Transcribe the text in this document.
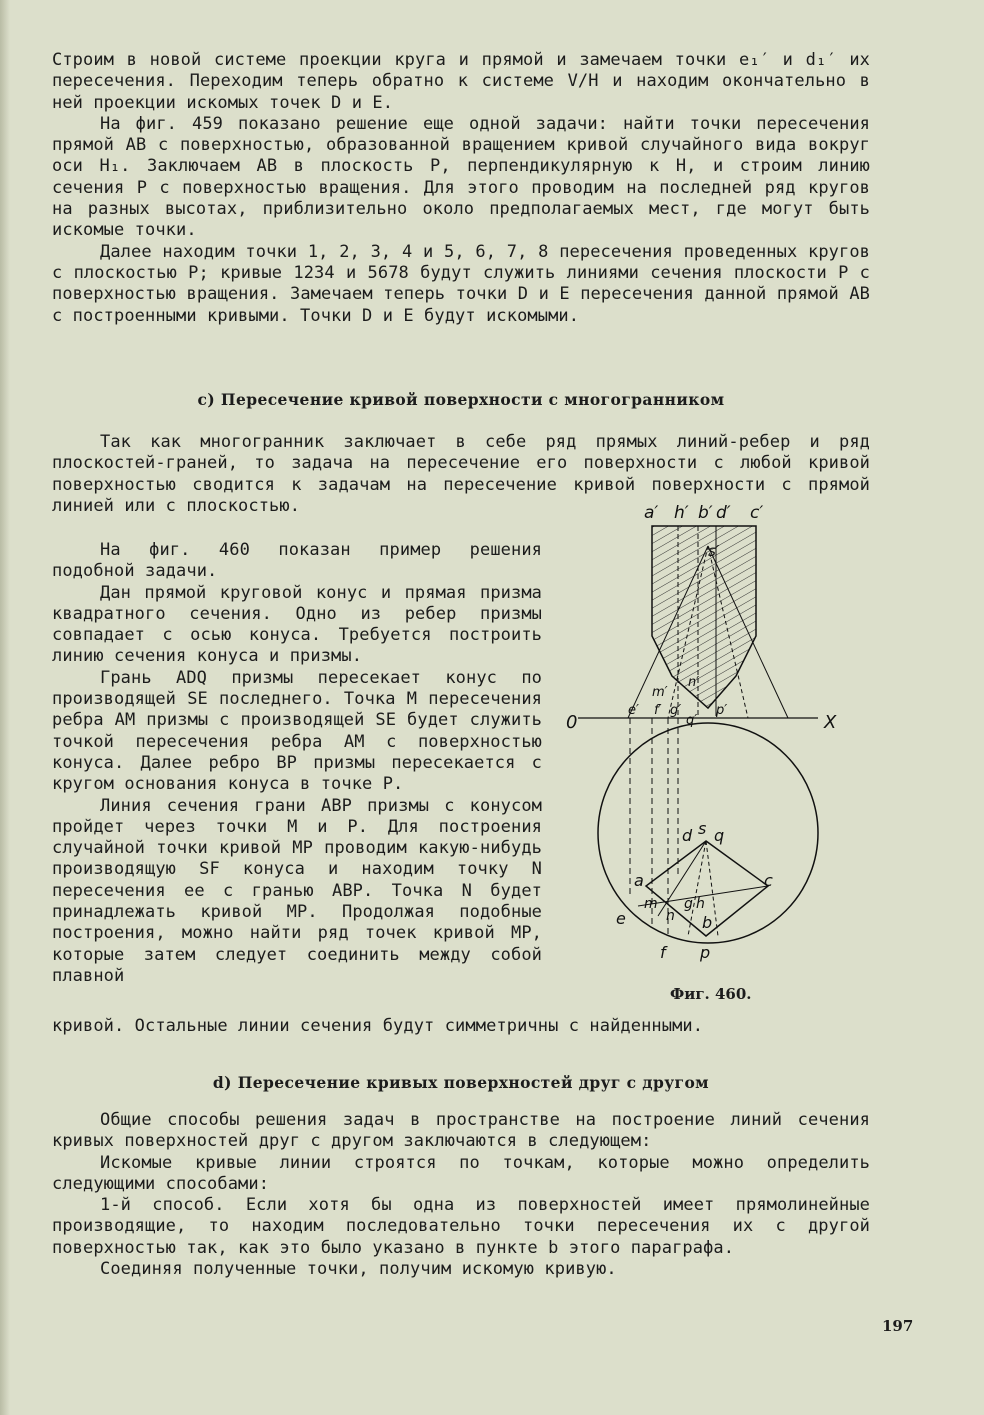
Строим в новой системе проекции круга и прямой и замечаем точки e₁′ и d₁′ их пересечения. Переходим теперь обратно к системе V/H и находим окончательно в ней проекции искомых точек D и E.

На фиг. 459 показано решение еще одной задачи: найти точки пересечения прямой AB с поверхностью, образованной вращением кривой случайного вида вокруг оси H₁. Заключаем AB в плоскость P, перпендикулярную к H, и строим линию сечения P с поверхностью вращения. Для этого проводим на последней ряд кругов на разных высотах, приблизительно около предполагаемых мест, где могут быть искомые точки.

Далее находим точки 1, 2, 3, 4 и 5, 6, 7, 8 пересечения проведенных кругов с плоскостью P; кривые 1234 и 5678 будут служить линиями сечения плоскости P с поверхностью вращения. Замечаем теперь точки D и E пересечения данной прямой AB с построенными кривыми. Точки D и E будут искомыми.

c) Пересечение кривой поверхности с многогранником

Так как многогранник заключает в себе ряд прямых линий-ребер и ряд плоскостей-граней, то задача на пересечение его поверхности с любой кривой поверхностью сводится к задачам на пересечение кривой поверхности с прямой линией или с плоскостью.

На фиг. 460 показан пример решения подобной задачи.

Дан прямой круговой конус и прямая призма квадратного сечения. Одно из ребер призмы совпадает с осью конуса. Требуется построить линию сечения конуса и призмы.

Грань ADQ призмы пересекает конус по производящей SE последнего. Точка M пересечения ребра AM призмы с производящей SE будет служить точкой пересечения ребра AM с поверхностью конуса. Далее ребро BP призмы пересекается с кругом основания конуса в точке P.

Линия сечения грани ABP призмы с конусом пройдет через точки M и P. Для построения случайной точки кривой MP проводим какую-нибудь производящую SF конуса и находим точку N пересечения ее с гранью ABP. Точка N будет принадлежать кривой MP. Продолжая подобные построения, можно найти ряд точек кривой MP, которые затем следует соединить между собой плавной

кривой. Остальные линии сечения будут симметричны с найденными.

d) Пересечение кривых поверхностей друг с другом

Общие способы решения задач в пространстве на построение линий сечения кривых поверхностей друг с другом заключаются в следующем:

Искомые кривые линии строятся по точкам, которые можно определить следующими способами:

1-й способ. Если хотя бы одна из поверхностей имеет прямолинейные производящие, то находим последовательно точки пересечения их с другой поверхностью так, как это было указано в пункте b этого параграфа.

Соединяя полученные точки, получим искомую кривую.

197
a′ h′ b′ d′ c′
s′
m′
n′
e′ f′ g′
q′
p′
0	X
d s q
a	c
m g h
n b
e
f p
Фиг. 460.
